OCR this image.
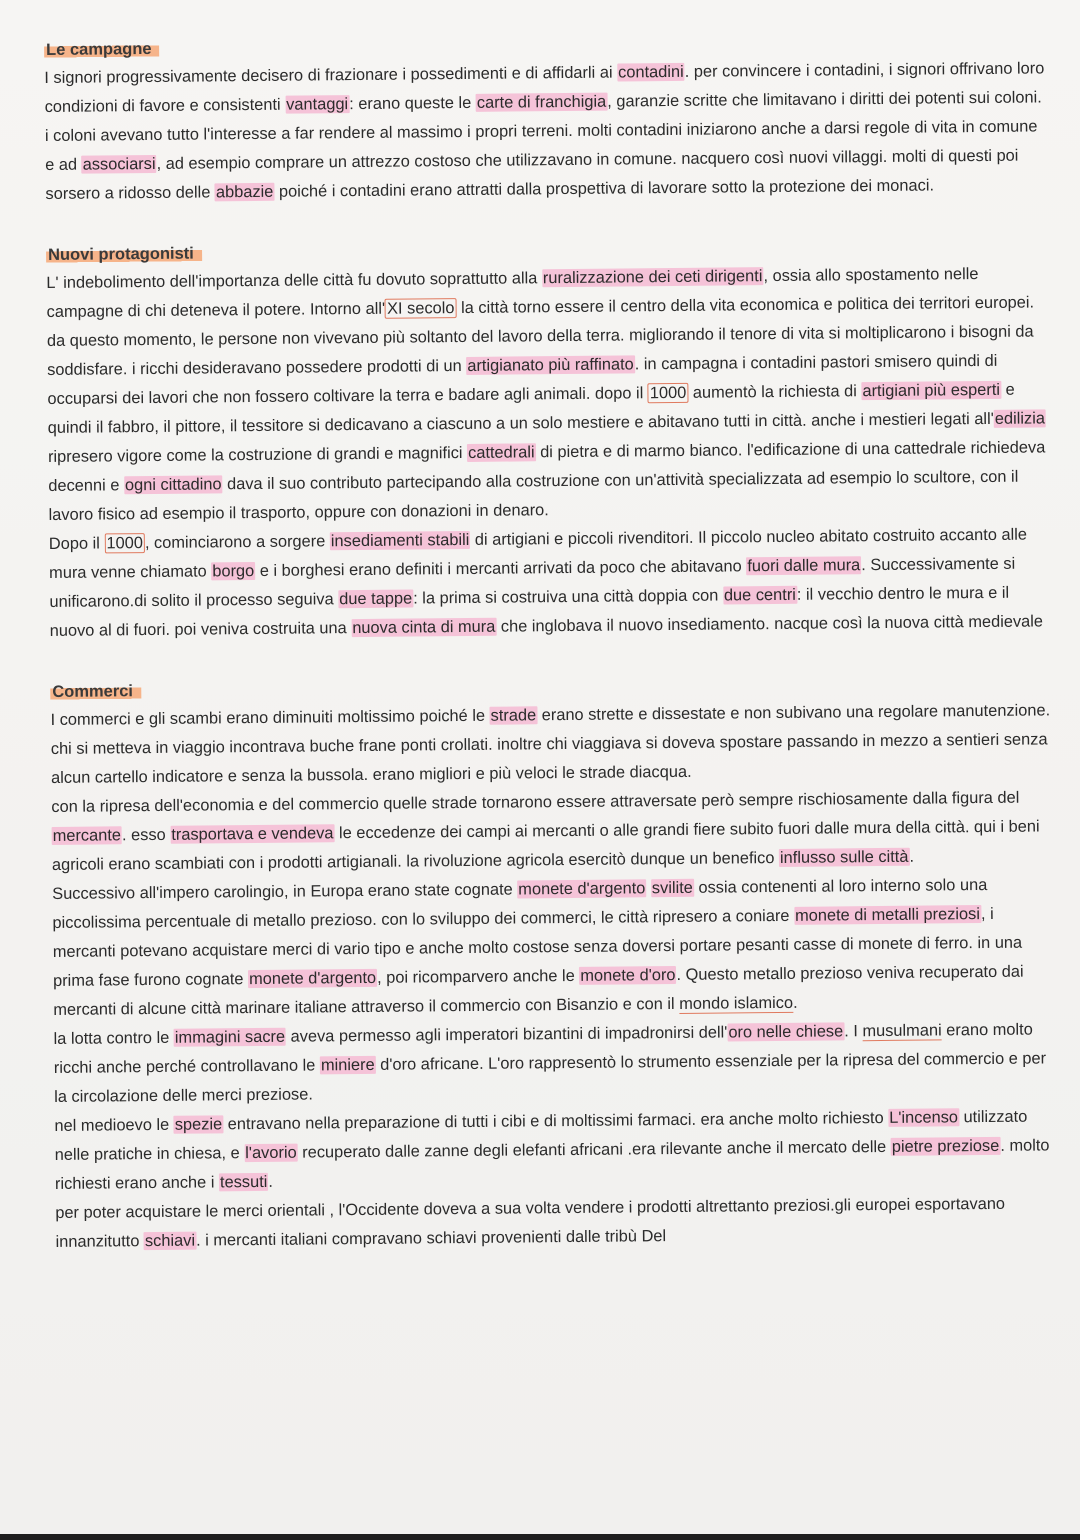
Le campagne

I signori progressivamente decisero di frazionare i possedimenti e di affidarli ai contadini. per convincere i contadini, i signori offrivano loro condizioni di favore e consistenti vantaggi: erano queste le carte di franchigia, garanzie scritte che limitavano i diritti dei potenti sui coloni. i coloni avevano tutto l'interesse a far rendere al massimo i propri terreni. molti contadini iniziarono anche a darsi regole di vita in comune e ad associarsi, ad esempio comprare un attrezzo costoso che utilizzavano in comune. nacquero così nuovi villaggi. molti di questi poi sorsero a ridosso delle abbazie poiché i contadini erano attratti dalla prospettiva di lavorare sotto la protezione dei monaci.

Nuovi protagonisti

L' indebolimento dell'importanza delle città fu dovuto soprattutto alla ruralizzazione dei ceti dirigenti, ossia allo spostamento nelle campagne di chi deteneva il potere. Intorno all' XI secolo la città torno essere il centro della vita economica e politica dei territori europei. da questo momento, le persone non vivevano più soltanto del lavoro della terra. migliorando il tenore di vita si moltiplicarono i bisogni da soddisfare. i ricchi desideravano possedere prodotti di un artigianato più raffinato. in campagna i contadini pastori smisero quindi di occuparsi dei lavori che non fossero coltivare la terra e badare agli animali. dopo il 1000 aumentò la richiesta di artigiani più esperti e quindi il fabbro, il pittore, il tessitore si dedicavano a ciascuno a un solo mestiere e abitavano tutti in città. anche i mestieri legati all'edilizia ripresero vigore come la costruzione di grandi e magnifici cattedrali di pietra e di marmo bianco. l'edificazione di una cattedrale richiedeva decenni e ogni cittadino dava il suo contributo partecipando alla costruzione con un'attività specializzata ad esempio lo scultore, con il lavoro fisico ad esempio il trasporto, oppure con donazioni in denaro.

Dopo il 1000 , cominciarono a sorgere insediamenti stabili di artigiani e piccoli rivenditori. Il piccolo nucleo abitato costruito accanto alle mura venne chiamato borgo e i borghesi erano definiti i mercanti arrivati da poco che abitavano fuori dalle mura. Successivamente si unificarono.di solito il processo seguiva due tappe: la prima si costruiva una città doppia con due centri: il vecchio dentro le mura e il nuovo al di fuori. poi veniva costruita una nuova cinta di mura che inglobava il nuovo insediamento. nacque così la nuova città medievale

Commerci

I commerci e gli scambi erano diminuiti moltissimo poiché le strade erano strette e dissestate e non subivano una regolare manutenzione. chi si metteva in viaggio incontrava buche frane ponti crollati. inoltre chi viaggiava si doveva spostare passando in mezzo a sentieri senza alcun cartello indicatore e senza la bussola. erano migliori e più veloci le strade diacqua.

con la ripresa dell'economia e del commercio quelle strade tornarono essere attraversate però sempre rischiosamente dalla figura del mercante. esso trasportava e vendeva le eccedenze dei campi ai mercanti o alle grandi fiere subito fuori dalle mura della città. qui i beni agricoli erano scambiati con i prodotti artigianali. la rivoluzione agricola esercitò dunque un benefico influsso sulle città.

Successivo all'impero carolingio, in Europa erano state cognate monete d'argento svilite ossia contenenti al loro interno solo una piccolissima percentuale di metallo prezioso. con lo sviluppo dei commerci, le città ripresero a coniare monete di metalli preziosi, i mercanti potevano acquistare merci di vario tipo e anche molto costose senza doversi portare pesanti casse di monete di ferro. in una prima fase furono cognate monete d'argento, poi ricomparvero anche le monete d'oro. Questo metallo prezioso veniva recuperato dai mercanti di alcune città marinare italiane attraverso il commercio con Bisanzio e con il mondo islamico.

la lotta contro le immagini sacre aveva permesso agli imperatori bizantini di impadronirsi dell'oro nelle chiese. I musulmani erano molto ricchi anche perché controllavano le miniere d'oro africane. L'oro rappresentò lo strumento essenziale per la ripresa del commercio e per la circolazione delle merci preziose.

nel medioevo le spezie entravano nella preparazione di tutti i cibi e di moltissimi farmaci. era anche molto richiesto L'incenso utilizzato nelle pratiche in chiesa, e l'avorio recuperato dalle zanne degli elefanti africani .era rilevante anche il mercato delle pietre preziose. molto richiesti erano anche i tessuti.

per poter acquistare le merci orientali , l'Occidente doveva a sua volta vendere i prodotti altrettanto preziosi.gli europei esportavano innanzitutto schiavi. i mercanti italiani compravano schiavi provenienti dalle tribù Del
